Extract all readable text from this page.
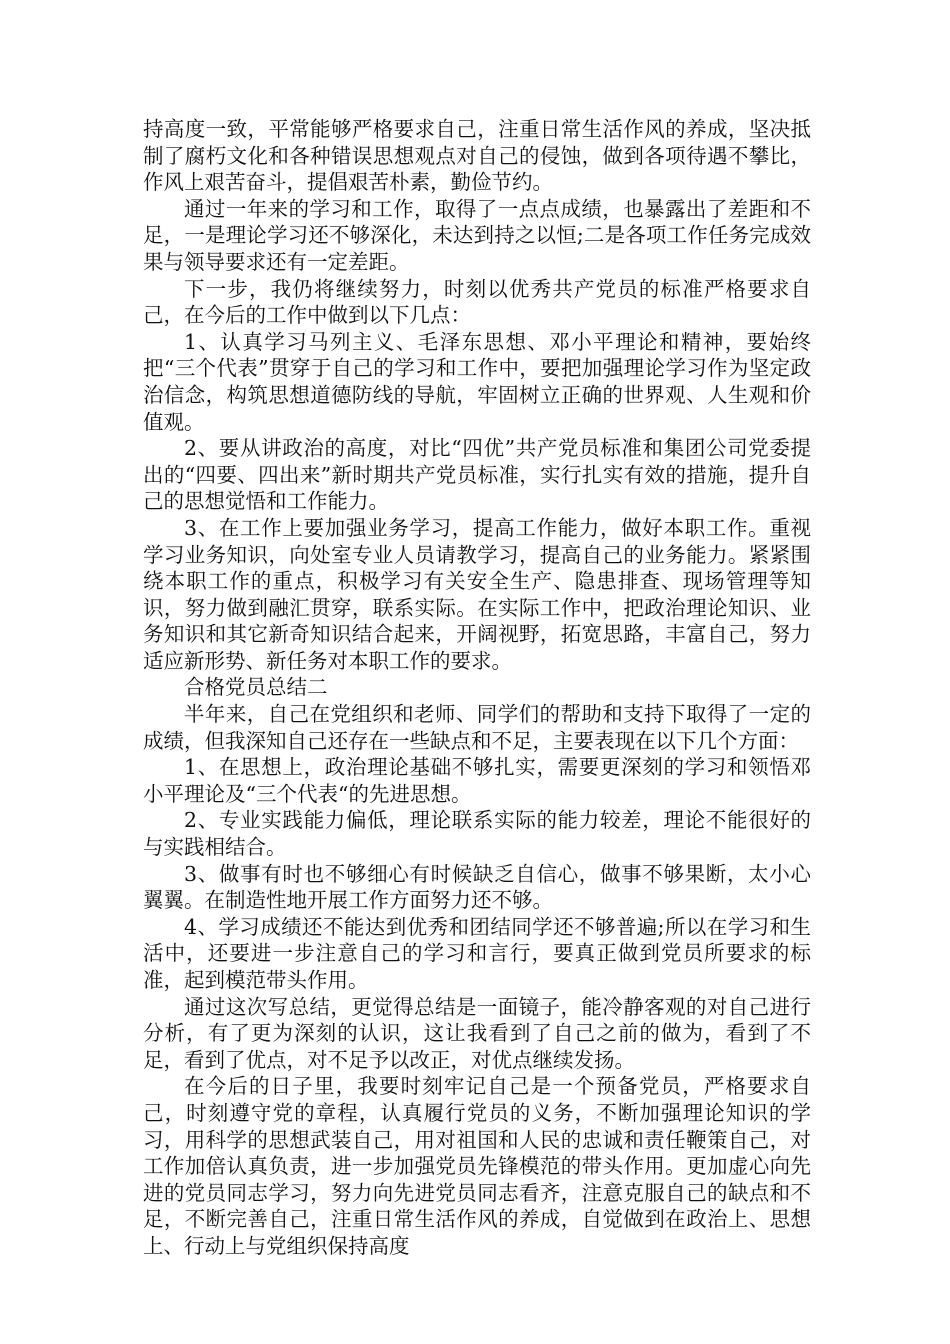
持高度一致，平常能够严格要求自己，注重日常生活作风的养成，坚决抵制了腐朽文化和各种错误思想观点对自己的侵蚀，做到各项待遇不攀比，作风上艰苦奋斗，提倡艰苦朴素，勤俭节约。

通过一年来的学习和工作，取得了一点点成绩，也暴露出了差距和不足，一是理论学习还不够深化，未达到持之以恒;二是各项工作任务完成效果与领导要求还有一定差距。

下一步，我仍将继续努力，时刻以优秀共产党员的标准严格要求自己，在今后的工作中做到以下几点：

1、认真学习马列主义、毛泽东思想、邓小平理论和精神，要始终把“三个代表”贯穿于自己的学习和工作中，要把加强理论学习作为坚定政治信念，构筑思想道德防线的导航，牢固树立正确的世界观、人生观和价值观。

2、要从讲政治的高度，对比“四优”共产党员标准和集团公司党委提出的“四要、四出来”新时期共产党员标准，实行扎实有效的措施，提升自己的思想觉悟和工作能力。

3、在工作上要加强业务学习，提高工作能力，做好本职工作。重视学习业务知识，向处室专业人员请教学习，提高自己的业务能力。紧紧围绕本职工作的重点，积极学习有关安全生产、隐患排查、现场管理等知识，努力做到融汇贯穿，联系实际。在实际工作中，把政治理论知识、业务知识和其它新奇知识结合起来，开阔视野，拓宽思路，丰富自己，努力适应新形势、新任务对本职工作的要求。

合格党员总结二

半年来，自己在党组织和老师、同学们的帮助和支持下取得了一定的成绩，但我深知自己还存在一些缺点和不足，主要表现在以下几个方面：

1、在思想上，政治理论基础不够扎实，需要更深刻的学习和领悟邓小平理论及“三个代表“的先进思想。

2、专业实践能力偏低，理论联系实际的能力较差，理论不能很好的与实践相结合。

3、做事有时也不够细心有时候缺乏自信心，做事不够果断，太小心翼翼。在制造性地开展工作方面努力还不够。

4、学习成绩还不能达到优秀和团结同学还不够普遍;所以在学习和生活中，还要进一步注意自己的学习和言行，要真正做到党员所要求的标准，起到模范带头作用。

通过这次写总结，更觉得总结是一面镜子，能冷静客观的对自己进行分析，有了更为深刻的认识，这让我看到了自己之前的做为，看到了不足，看到了优点，对不足予以改正，对优点继续发扬。

在今后的日子里，我要时刻牢记自己是一个预备党员，严格要求自己，时刻遵守党的章程，认真履行党员的义务，不断加强理论知识的学习，用科学的思想武装自己，用对祖国和人民的忠诚和责任鞭策自己，对工作加倍认真负责，进一步加强党员先锋模范的带头作用。更加虚心向先进的党员同志学习，努力向先进党员同志看齐，注意克服自己的缺点和不足，不断完善自己，注重日常生活作风的养成，自觉做到在政治上、思想上、行动上与党组织保持高度
